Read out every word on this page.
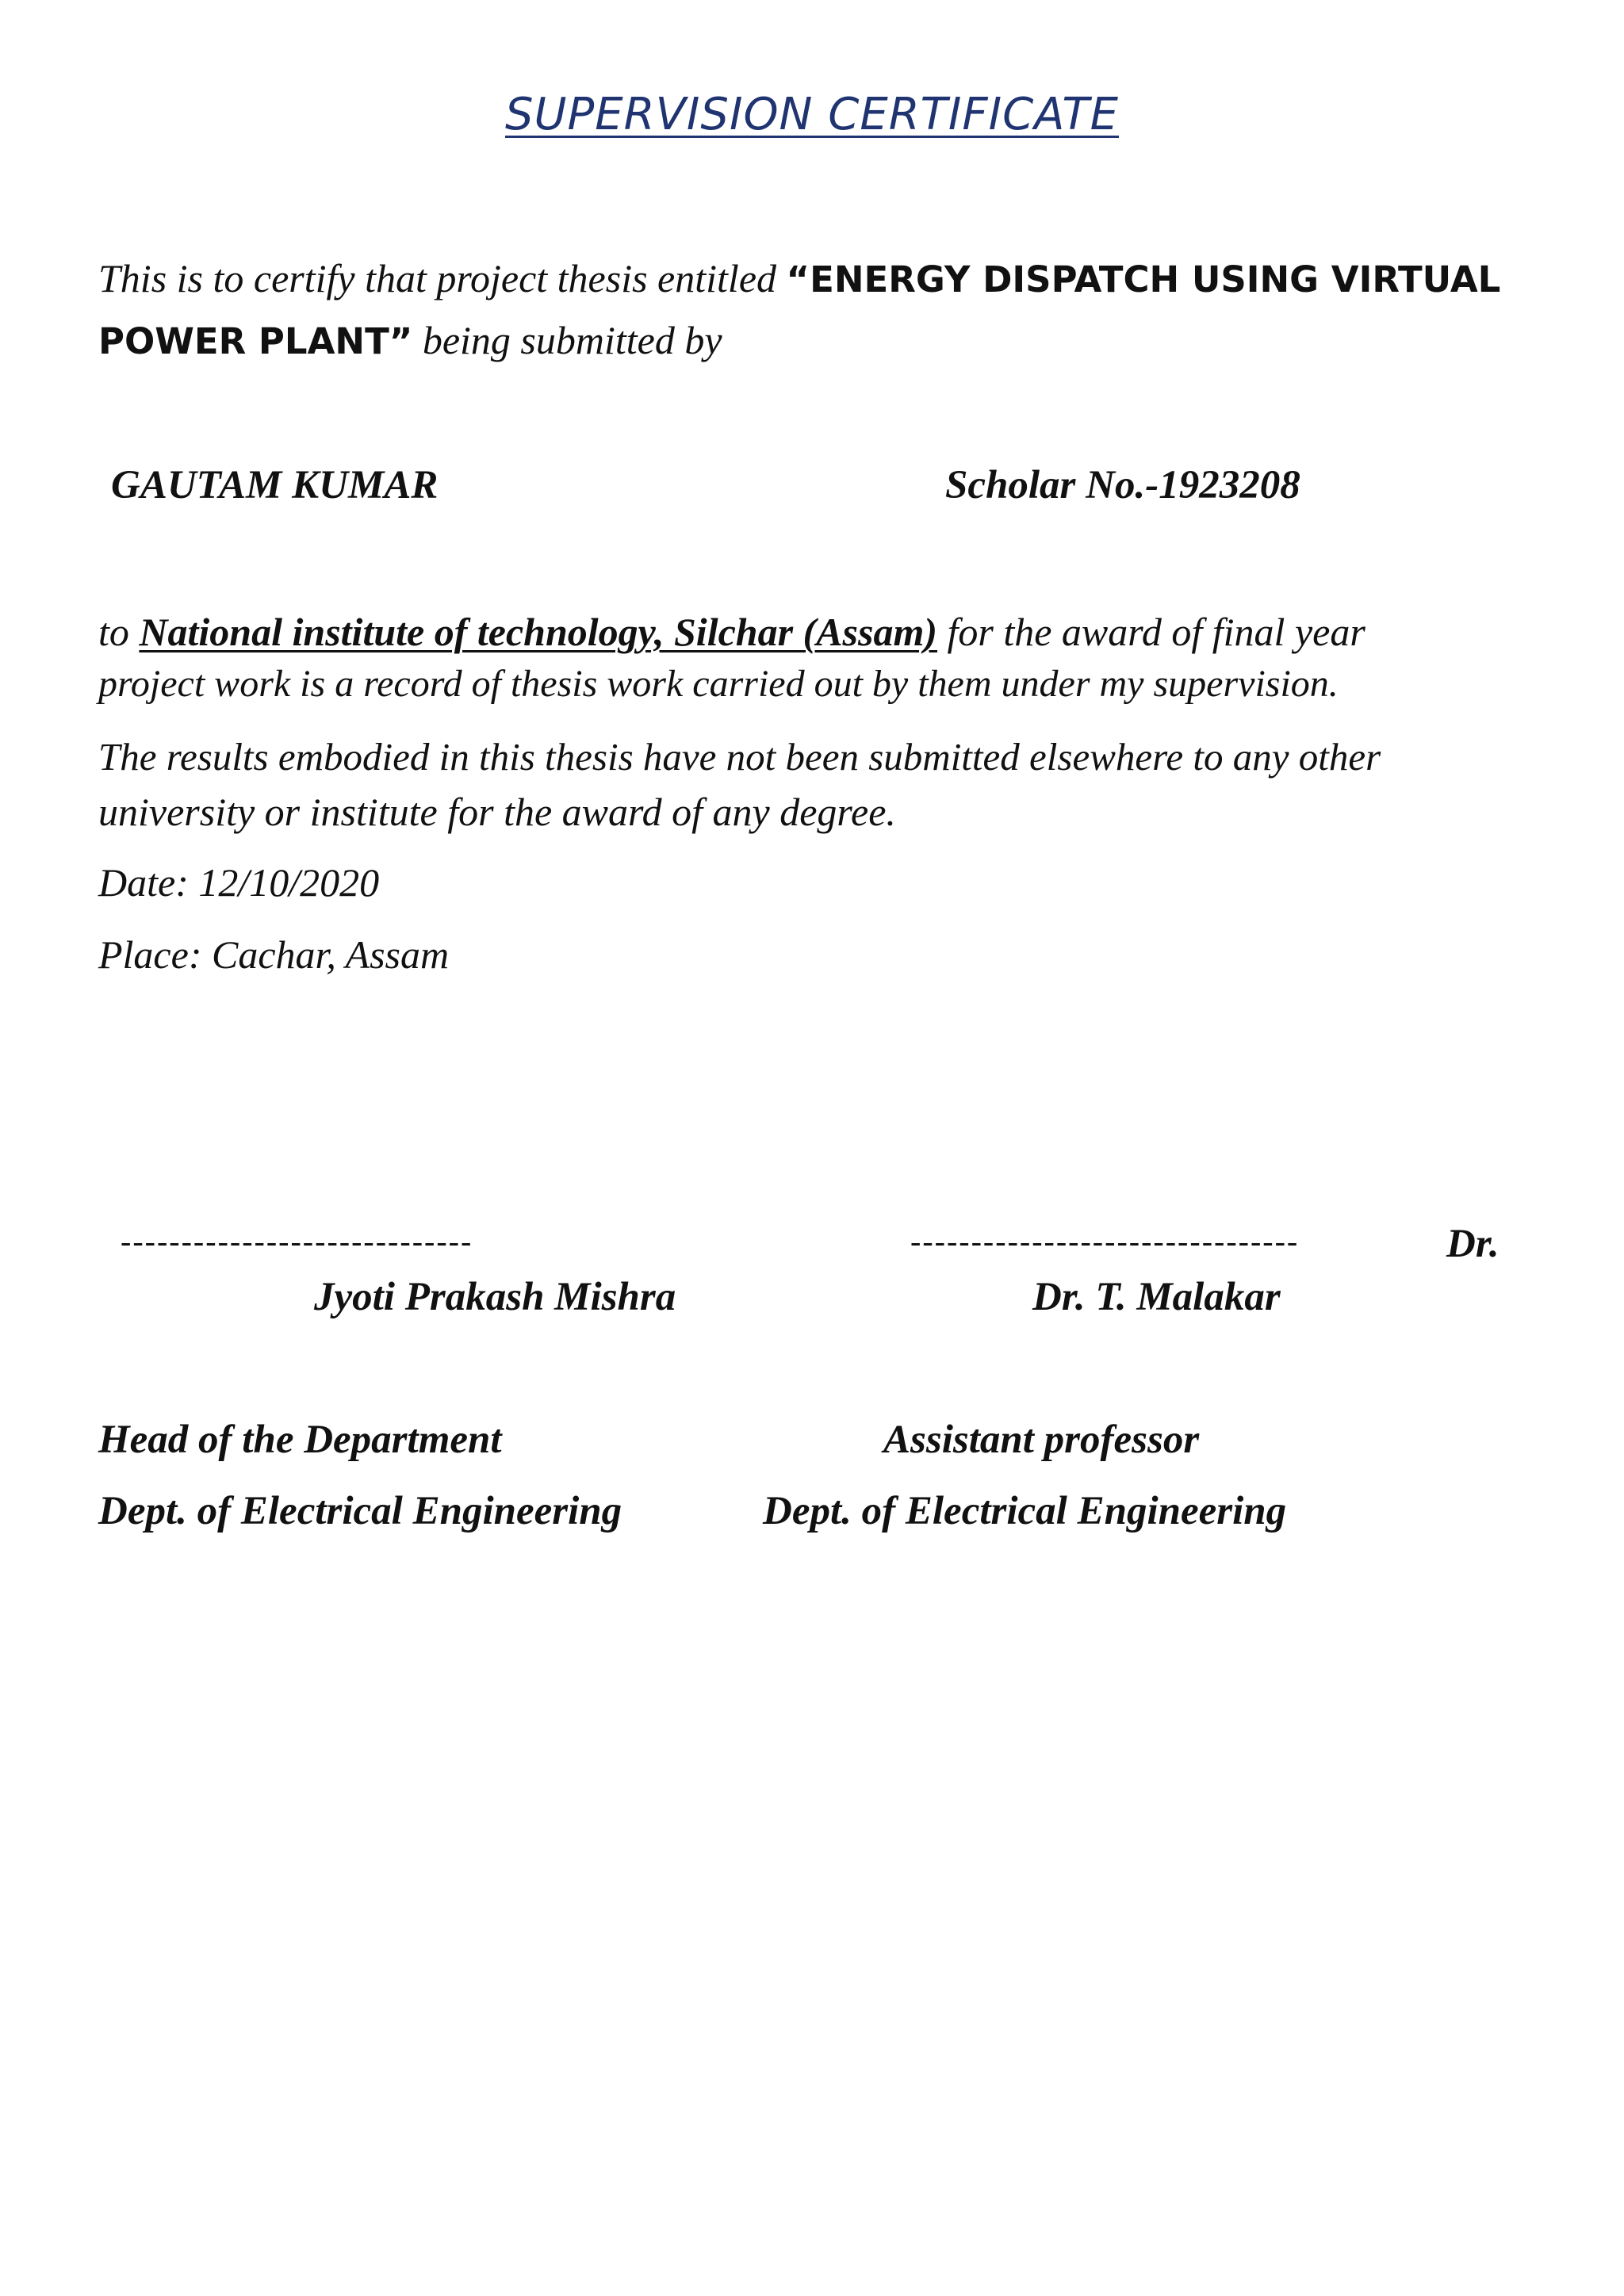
SUPERVISION CERTIFICATE
This is to certify that project thesis entitled “ENERGY DISPATCH USING VIRTUAL
POWER PLANT” being submitted by
GAUTAM KUMAR	Scholar No.-1923208
to National institute of technology, Silchar (Assam) for the award of final year
project work is a record of thesis work carried out by them under my supervision.
The results embodied in this thesis have not been submitted elsewhere to any other
university or institute for the award of any degree.
Date: 12/10/2020
Place: Cachar, Assam
-----------------------------	--------------------------------	Dr.
Jyoti Prakash Mishra	Dr. T. Malakar
Head of the Department	Assistant professor
Dept. of Electrical Engineering	Dept. of Electrical Engineering
